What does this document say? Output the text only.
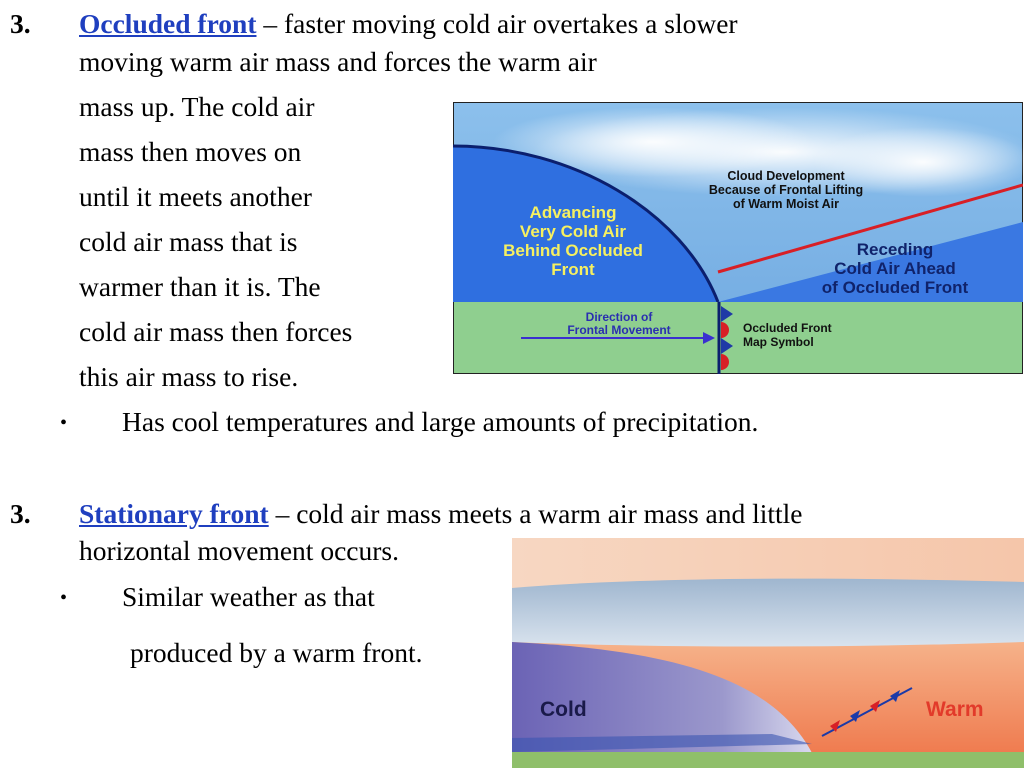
3. Occluded front – faster moving cold air overtakes a slower
moving warm air mass and forces the warm air
mass up. The cold air
mass then moves on
until it meets another
cold air mass that is
warmer than it is. The
cold air mass then forces
this air mass to rise.
• Has cool temperatures and large amounts of precipitation.
Advancing
Very Cold Air
Behind Occluded
Front
Cloud Development
Because of Frontal Lifting
of Warm Moist Air
Receding
Cold Air Ahead
of Occluded Front
Direction of
Frontal Movement	Occluded Front
Map Symbol
3. Stationary front – cold air mass meets a warm air mass and little
horizontal movement occurs.
• Similar weather as that
produced by a warm front.
Cold	Warm
